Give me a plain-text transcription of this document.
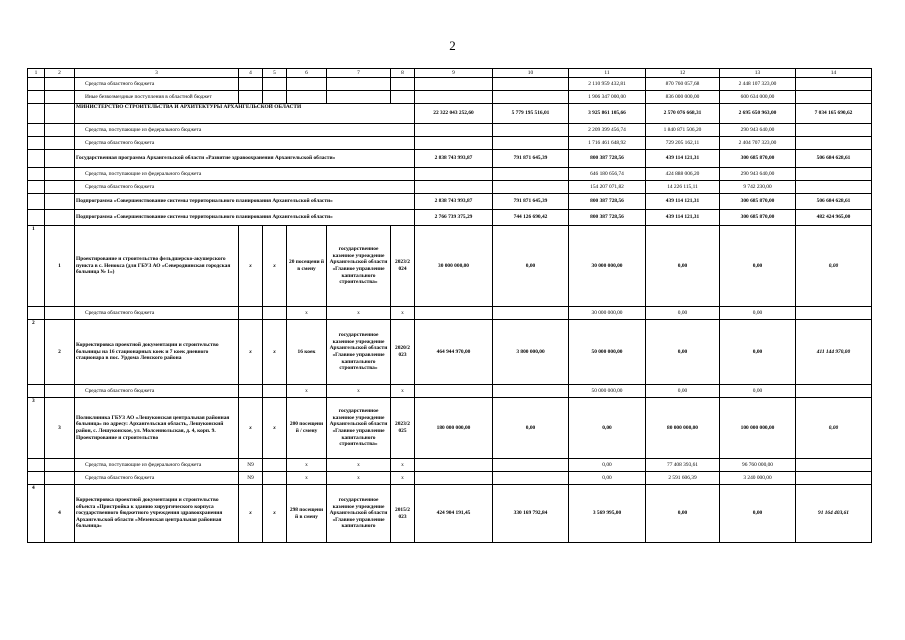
2
1	2	3	4	5	6	7	8	9	10	11	12	13	14
		Средства областного бюджета								2 110 959 432,81	870 760 057,68	2 448 107 323,00	
		Иные безвозмездные поступления в областной бюджет								1 906 347 000,00	836 000 000,00	600 634 000,00	
		МИНИСТЕРСТВО СТРОИТЕЛЬСТВА И АРХИТЕКТУРЫ АРХАНГЕЛЬСКОЙ ОБЛАСТИ						22 322 043 252,60	5 779 195 516,01	3 925 861 105,66	2 570 076 668,31	2 695 650 963,00	7 034 165 690,62
		Средства, поступающие из федерального бюджета								2 209 399 456,74	1 840 871 506,20	290 943 640,00	
		Средства областного бюджета								1 716 461 648,92	729 205 162,11	2 404 707 323,00	
		Государственная программа Архангельской области «Развитие здравоохранения Архангельской области»						2 838 743 993,87	791 871 645,39	800 387 728,56	439 114 121,31	300 685 870,00	506 684 628,61
		Средства, поступающие из федерального бюджета								646 180 656,74	424 888 006,20	290 943 640,00	
		Средства областного бюджета								154 207 071,82	14 226 115,11	9 742 230,00	
		Подпрограмма «Совершенствование системы территориального планирования Архангельской области»						2 838 743 993,87	791 871 645,39	800 387 728,56	439 114 121,31	300 685 870,00	506 684 628,61
		Подпрограмма «Совершенствование системы территориального планирования Архангельской области»						2 766 739 375,29	744 126 690,42	800 387 728,56	439 114 121,31	300 685 870,00	482 424 965,00
1	1	Проектирование и строительство фельдшерско-акушерского пункта в с. Ненокса (для ГБУЗ АО «Северодвинская городская больница № 1»)	х	х	20 посещени й в смену	государственное казенное учреждение Архангельской области «Главное управление капитального строительства»	2023/2 024	30 000 000,00	0,00	30 000 000,00	0,00	0,00	0,00
		Средства областного бюджета			х	х	х			30 000 000,00	0,00	0,00	
2	2	Корректировка проектной документации и строительство больницы на 16 стационарных коек и 7 коек дневного стационара в пос. Урдома Ленского района	х	х	16 коек	государственное казенное учреждение Архангельской области «Главное управление капитального строительства»	2020/2 023	464 944 970,00	3 800 000,00	50 000 000,00	0,00	0,00	411 144 970,00
		Средства областного бюджета			х	х	х			50 000 000,00	0,00	0,00	
3	3	Поликлиника ГБУЗ АО «Лешуконская центральная районная больница» по адресу: Архангельская область, Лешуконский район, с. Лешуконское, ул. Молсеннольская, д. 4, корп. 9. Проектирование и строительство	х	х	200 посещени й / смену	государственное казенное учреждение Архангельской области «Главное управление капитального строительства»	2023/2 025	180 000 000,00	0,00	0,00	80 000 000,00	100 000 000,00	0,00
		Средства, поступающие из федерального бюджета	N9		х	х	х			0,00	77 408 393,61	96 760 000,00	
		Средства областного бюджета	N9		х	х	х			0,00	2 591 606,39	3 240 000,00	
4	4	Корректировка проектной документации и строительство объекта «Пристройка к зданию хирургического корпуса государственного бюджетного учреждения здравоохранения Архангельской области «Мезенская центральная районная больница»	х	х	298 посещени й в смену	государственное казенное учреждение Архангельской области «Главное управление капитального	2015/2 023	424 904 191,45	330 169 792,84	3 569 995,00	0,00	0,00	91 164 403,61
